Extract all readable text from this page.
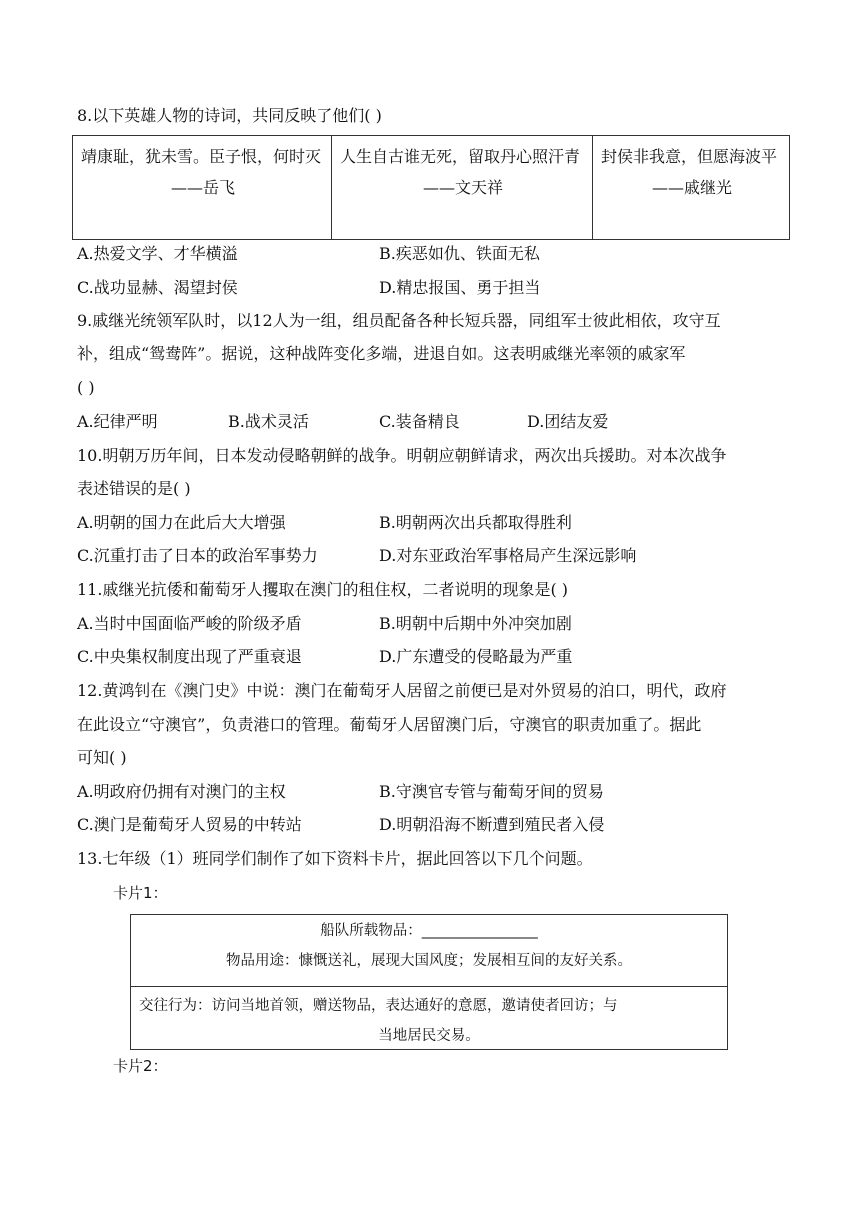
8.以下英雄人物的诗词，共同反映了他们( )
靖康耻，犹未雪。臣子恨，何时灭
——岳飞
	人生自古谁无死，留取丹心照汗青
——文天祥
	封侯非我意，但愿海波平
——戚继光
A.热爱文学、才华横溢	B.疾恶如仇、铁面无私
C.战功显赫、渴望封侯	D.精忠报国、勇于担当
9.戚继光统领军队时，以12人为一组，组员配备各种长短兵器，同组军士彼此相依，攻守互
补，组成“鸳鸯阵”。据说，这种战阵变化多端，进退自如。这表明戚继光率领的戚家军
( )
A.纪律严明	B.战术灵活	C.装备精良	D.团结友爱
10.明朝万历年间，日本发动侵略朝鲜的战争。明朝应朝鲜请求，两次出兵援助。对本次战争
表述错误的是( )
A.明朝的国力在此后大大增强	B.明朝两次出兵都取得胜利
C.沉重打击了日本的政治军事势力	D.对东亚政治军事格局产生深远影响
11.戚继光抗倭和葡萄牙人攫取在澳门的租住权，二者说明的现象是( )
A.当时中国面临严峻的阶级矛盾	B.明朝中后期中外冲突加剧
C.中央集权制度出现了严重衰退	D.广东遭受的侵略最为严重
12.黄鸿钊在《澳门史》中说：澳门在葡萄牙人居留之前便已是对外贸易的泊口，明代，政府
在此设立“守澳官”，负责港口的管理。葡萄牙人居留澳门后，守澳官的职责加重了。据此
可知( )
A.明政府仍拥有对澳门的主权	B.守澳官专管与葡萄牙间的贸易
C.澳门是葡萄牙人贸易的中转站	D.明朝沿海不断遭到殖民者入侵
13.七年级（1）班同学们制作了如下资料卡片，据此回答以下几个问题。
卡片1：
船队所载物品：________________
物品用途：慷慨送礼，展现大国风度；发展相互间的友好关系。
交往行为：访问当地首领，赠送物品，表达通好的意愿，邀请使者回访；与
当地居民交易。
卡片2：
